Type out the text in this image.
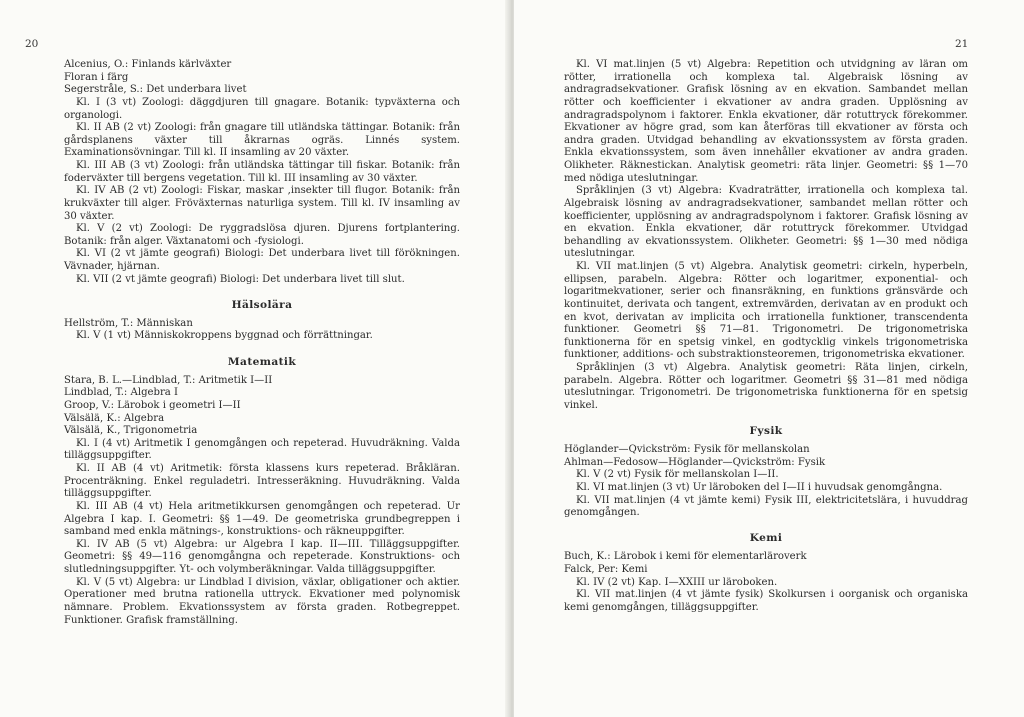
20

Alcenius, O.: Finlands kärlväxter

Floran i färg

Segerstråle, S.: Det underbara livet

Kl. I (3 vt) Zoologi: däggdjuren till gnagare. Botanik: typväxterna och organologi.

Kl. II AB (2 vt) Zoologi: från gnagare till utländska tättingar. Botanik: från gårdsplanens växter till åkrarnas ogräs. Linnés system. Examinationsövningar. Till kl. II insamling av 20 växter.

Kl. III AB (3 vt) Zoologi: från utländska tättingar till fiskar. Botanik: från foderväxter till bergens vegetation. Till kl. III insamling av 30 växter.

Kl. IV AB (2 vt) Zoologi: Fiskar, maskar ,insekter till flugor. Botanik: från krukväxter till alger. Fröväxternas naturliga system. Till kl. IV insamling av 30 växter.

Kl. V (2 vt) Zoologi: De ryggradslösa djuren. Djurens fortplantering. Botanik: från alger. Växtanatomi och -fysiologi.

Kl. VI (2 vt jämte geografi) Biologi: Det underbara livet till förökningen. Vävnader, hjärnan.

Kl. VII (2 vt jämte geografi) Biologi: Det underbara livet till slut.

Hälsolära

Hellström, T.: Människan

Kl. V (1 vt) Människokroppens byggnad och förrättningar.

Matematik

Stara, B. L.—Lindblad, T.: Aritmetik I—II

Lindblad, T.: Algebra I

Groop, V.: Lärobok i geometri I—II

Välsälä, K.: Algebra

Välsälä, K., Trigonometria

Kl. I (4 vt) Aritmetik I genomgången och repeterad. Huvudräkning. Valda tilläggsuppgifter.

Kl. II AB (4 vt) Aritmetik: första klassens kurs repeterad. Bråkläran. Procenträkning. Enkel reguladetri. Intresseräkning. Huvudräkning. Valda tilläggsuppgifter.

Kl. III AB (4 vt) Hela aritmetikkursen genomgången och repeterad. Ur Algebra I kap. I. Geometri: §§ 1—49. De geometriska grundbegreppen i samband med enkla mätnings-, konstruktions- och räkneuppgifter.

Kl. IV AB (5 vt) Algebra: ur Algebra I kap. II—III. Tilläggsuppgifter. Geometri: §§ 49—116 genomgångna och repeterade. Konstruktions- och slutledningsuppgifter. Yt- och volymberäkningar. Valda tilläggsuppgifter.

Kl. V (5 vt) Algebra: ur Lindblad I division, växlar, obligationer och aktier. Operationer med brutna rationella uttryck. Ekvationer med polynomisk nämnare. Problem. Ekvationssystem av första graden. Rotbegreppet. Funktioner. Grafisk framställning.

21

Kl. VI mat.linjen (5 vt) Algebra: Repetition och utvidgning av läran om rötter, irrationella och komplexa tal. Algebraisk lösning av andragradsekvationer. Grafisk lösning av en ekvation. Sambandet mellan rötter och koefficienter i ekvationer av andra graden. Upplösning av andragradspolynom i faktorer. Enkla ekvationer, där rotuttryck förekommer. Ekvationer av högre grad, som kan återföras till ekvationer av första och andra graden. Utvidgad behandling av ekvationssystem av första graden. Enkla ekvationssystem, som även innehåller ekvationer av andra graden. Olikheter. Räknestickan. Analytisk geometri: räta linjer. Geometri: §§ 1—70 med nödiga uteslutningar.

Språklinjen (3 vt) Algebra: Kvadraträtter, irrationella och komplexa tal. Algebraisk lösning av andragradsekvationer, sambandet mellan rötter och koefficienter, upplösning av andragradspolynom i faktorer. Grafisk lösning av en ekvation. Enkla ekvationer, där rotuttryck förekommer. Utvidgad behandling av ekvationssystem. Olikheter. Geometri: §§ 1—30 med nödiga uteslutningar.

Kl. VII mat.linjen (5 vt) Algebra. Analytisk geometri: cirkeln, hyperbeln, ellipsen, parabeln. Algebra: Rötter och logaritmer, exponential- och logaritmekvationer, serier och finansräkning, en funktions gränsvärde och kontinuitet, derivata och tangent, extremvärden, derivatan av en produkt och en kvot, derivatan av implicita och irrationella funktioner, transcendenta funktioner. Geometri §§ 71—81. Trigonometri. De trigonometriska funktionerna för en spetsig vinkel, en godtycklig vinkels trigonometriska funktioner, additions- och substraktionsteoremen, trigonometriska ekvationer.

Språklinjen (3 vt) Algebra. Analytisk geometri: Räta linjen, cirkeln, parabeln. Algebra. Rötter och logaritmer. Geometri §§ 31—81 med nödiga uteslutningar. Trigonometri. De trigonometriska funktionerna för en spetsig vinkel.

Fysik

Höglander—Qvickström: Fysik för mellanskolan

Ahlman—Fedosow—Höglander—Qvickström: Fysik

Kl. V (2 vt) Fysik för mellanskolan I—II.

Kl. VI mat.linjen (3 vt) Ur läroboken del I—II i huvudsak genomgångna.

Kl. VII mat.linjen (4 vt jämte kemi) Fysik III, elektricitetslära, i huvuddrag genomgången.

Kemi

Buch, K.: Lärobok i kemi för elementarläroverk

Falck, Per: Kemi

Kl. IV (2 vt) Kap. I—XXIII ur läroboken.

Kl. VII mat.linjen (4 vt jämte fysik) Skolkursen i oorganisk och organiska kemi genomgången, tilläggsuppgifter.
